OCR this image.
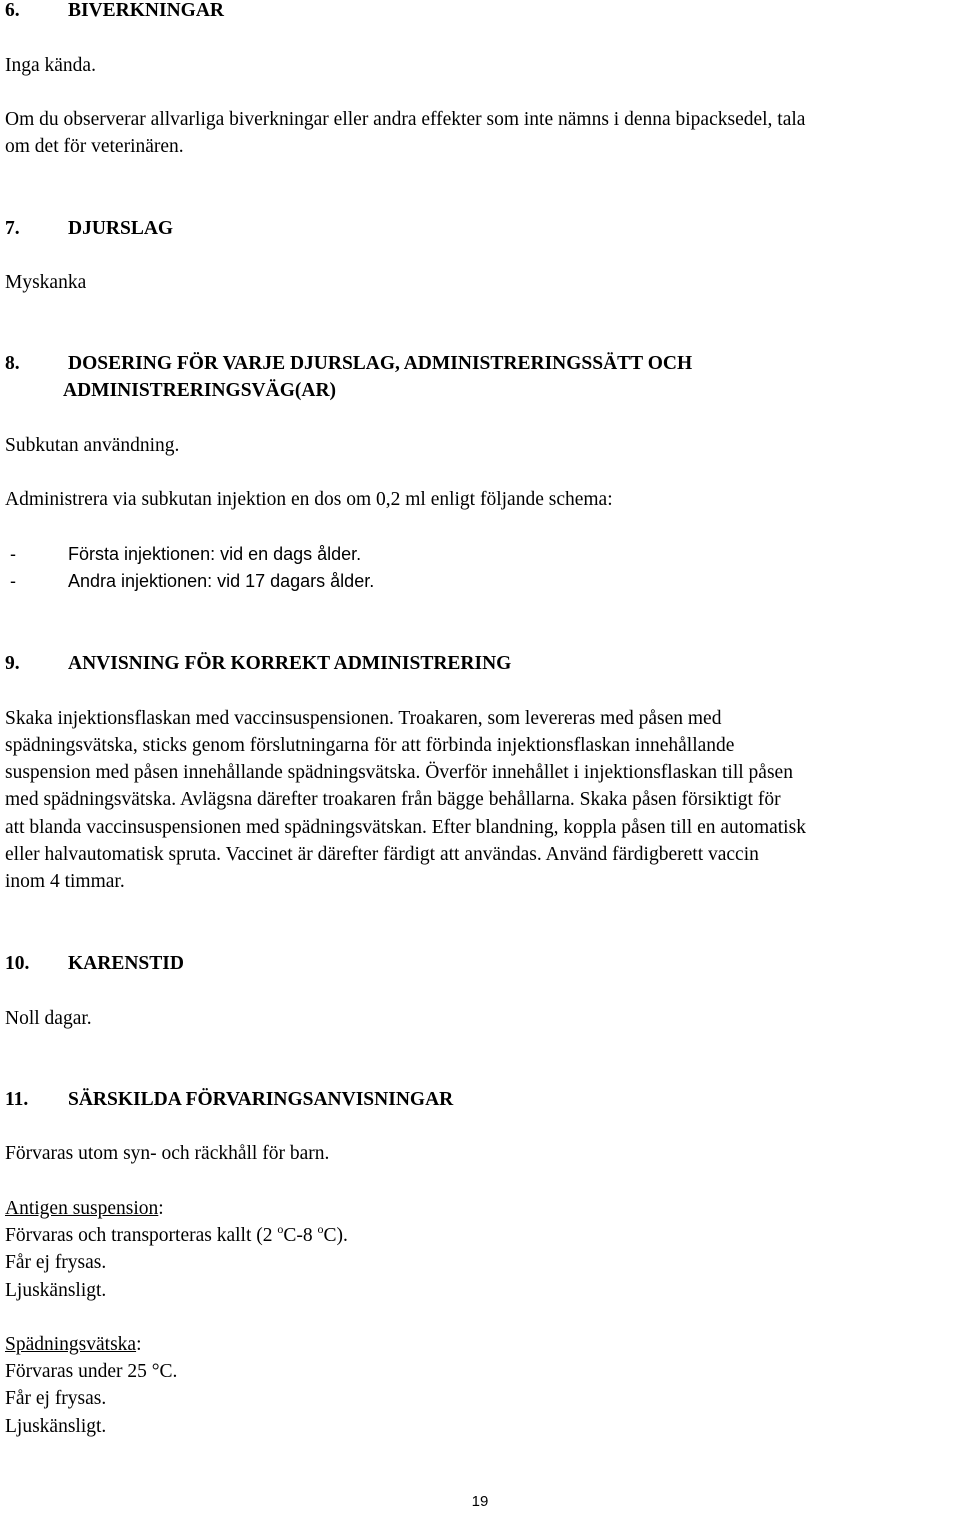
6. BIVERKNINGAR

Inga kända.

Om du observerar allvarliga biverkningar eller andra effekter som inte nämns i denna bipacksedel, tala

om det för veterinären.

7. DJURSLAG

Myskanka

8. DOSERING FÖR VARJE DJURSLAG, ADMINISTRERINGSSÄTT OCH

ADMINISTRERINGSVÄG(AR)

Subkutan användning.

Administrera via subkutan injektion en dos om 0,2 ml enligt följande schema:

-	Första injektionen: vid en dags ålder.
-	Andra injektionen: vid 17 dagars ålder.
9. ANVISNING FÖR KORREKT ADMINISTRERING

Skaka injektionsflaskan med vaccinsuspensionen. Troakaren, som levereras med påsen med

spädningsvätska, sticks genom förslutningarna för att förbinda injektionsflaskan innehållande

suspension med påsen innehållande spädningsvätska. Överför innehållet i injektionsflaskan till påsen

med spädningsvätska. Avlägsna därefter troakaren från bägge behållarna. Skaka påsen försiktigt för

att blanda vaccinsuspensionen med spädningsvätskan. Efter blandning, koppla påsen till en automatisk

eller halvautomatisk spruta. Vaccinet är därefter färdigt att användas. Använd färdigberett vaccin

inom 4 timmar.

10. KARENSTID

Noll dagar.

11. SÄRSKILDA FÖRVARINGSANVISNINGAR

Förvaras utom syn- och räckhåll för barn.

Antigen suspension:
Förvaras och transporteras kallt (2 $^o$C-8 $^o$C).

Får ej frysas.

Ljuskänsligt.

Spädningsvätska:

Förvaras under 25 °C.

Får ej frysas.

Ljuskänsligt.

19
